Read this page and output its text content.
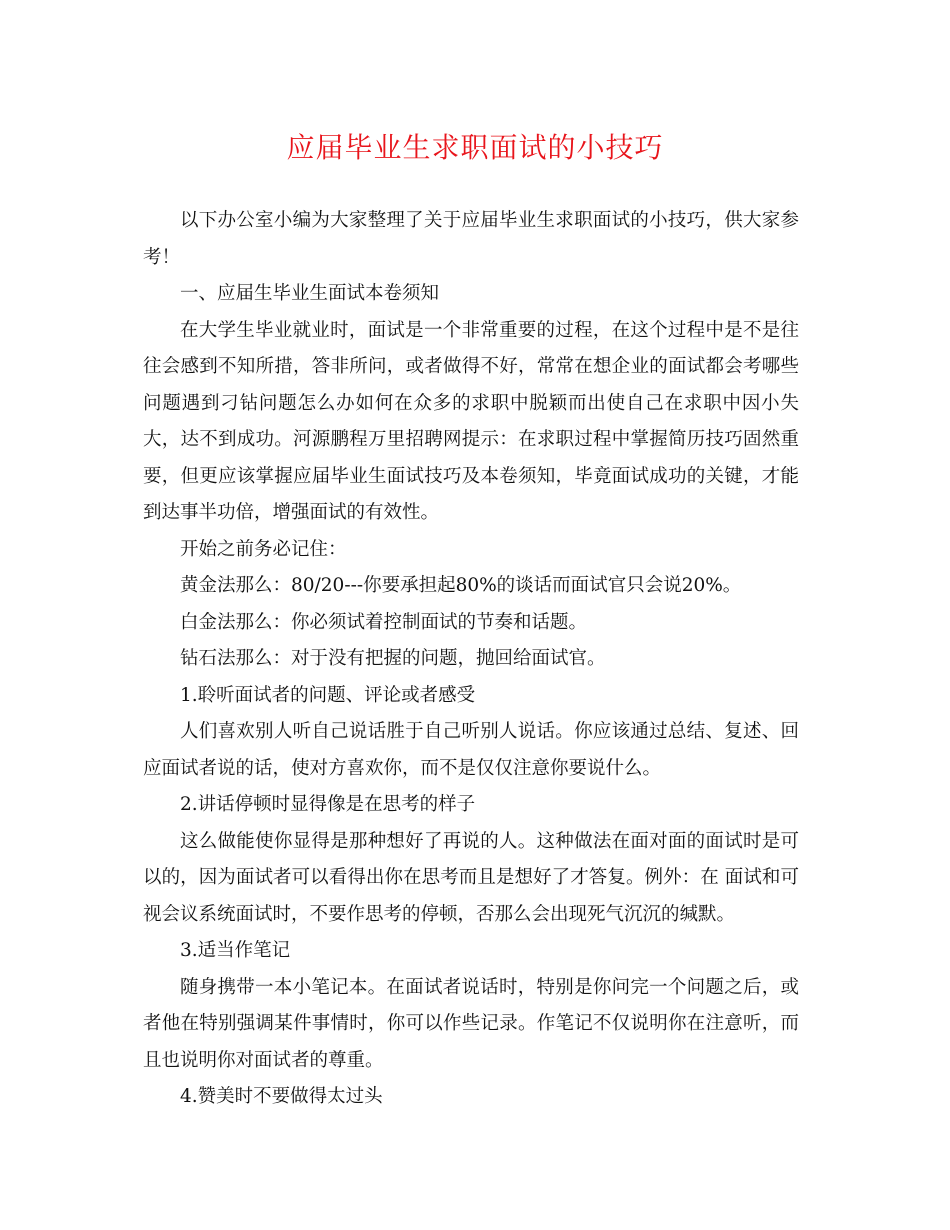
应届毕业生求职面试的小技巧

以下办公室小编为大家整理了关于应届毕业生求职面试的小技巧，供大家参考！

一、应届生毕业生面试本卷须知

在大学生毕业就业时，面试是一个非常重要的过程，在这个过程中是不是往往会感到不知所措，答非所问，或者做得不好，常常在想企业的面试都会考哪些问题遇到刁钻问题怎么办如何在众多的求职中脱颖而出使自己在求职中因小失大，达不到成功。河源鹏程万里招聘网提示：在求职过程中掌握简历技巧固然重要，但更应该掌握应届毕业生面试技巧及本卷须知，毕竟面试成功的关键，才能到达事半功倍，增强面试的有效性。

开始之前务必记住：

黄金法那么：80/20---你要承担起80%的谈话而面试官只会说20%。

白金法那么：你必须试着控制面试的节奏和话题。

钻石法那么：对于没有把握的问题，抛回给面试官。

1.聆听面试者的问题、评论或者感受

人们喜欢别人听自己说话胜于自己听别人说话。你应该通过总结、复述、回应面试者说的话，使对方喜欢你，而不是仅仅注意你要说什么。

2.讲话停顿时显得像是在思考的样子

这么做能使你显得是那种想好了再说的人。这种做法在面对面的面试时是可以的，因为面试者可以看得出你在思考而且是想好了才答复。例外：在 面试和可视会议系统面试时，不要作思考的停顿，否那么会出现死气沉沉的缄默。

3.适当作笔记

随身携带一本小笔记本。在面试者说话时，特别是你问完一个问题之后，或者他在特别强调某件事情时，你可以作些记录。作笔记不仅说明你在注意听，而且也说明你对面试者的尊重。

4.赞美时不要做得太过头
